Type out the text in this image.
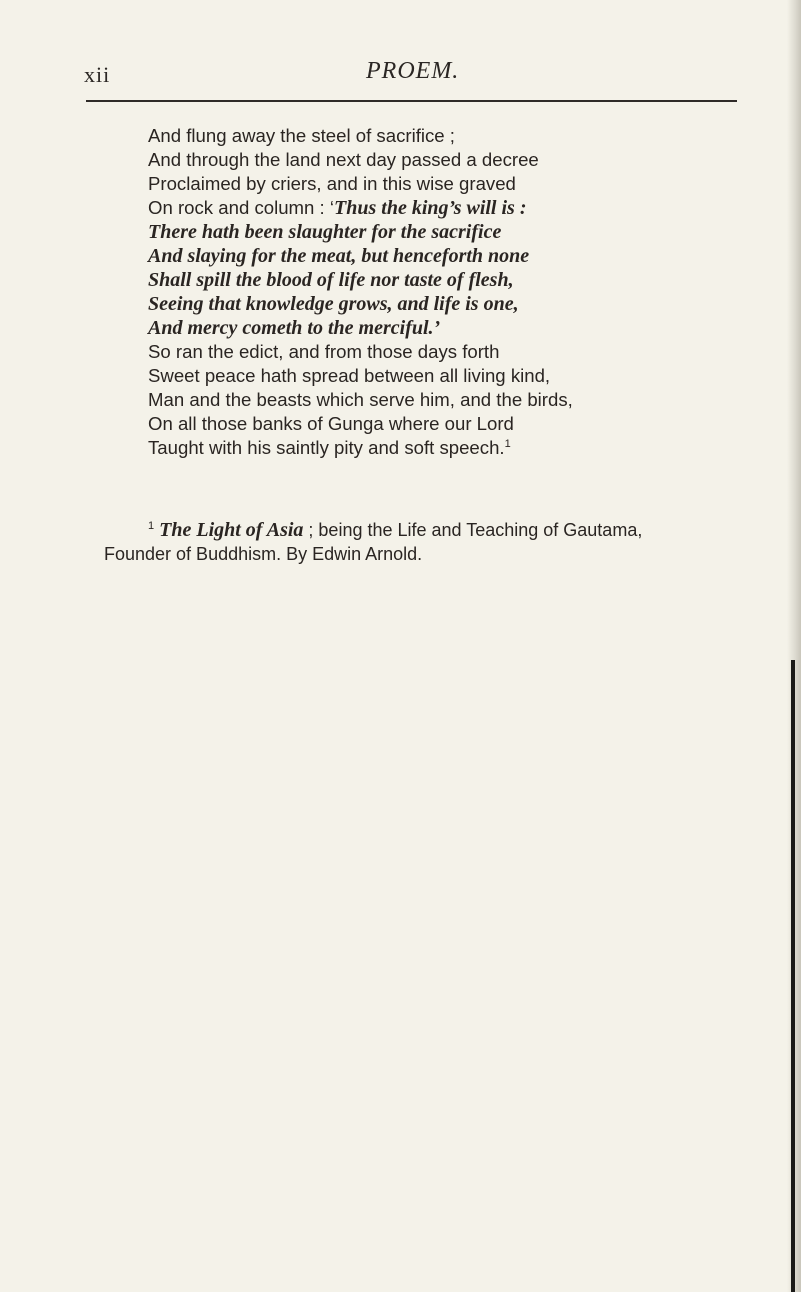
xii	PROEM.
And flung away the steel of sacrifice ;
And through the land next day passed a decree
Proclaimed by criers, and in this wise graved
On rock and column : ‘Thus the king’s will is :
There hath been slaughter for the sacrifice
And slaying for the meat, but henceforth none
Shall spill the blood of life nor taste of flesh,
Seeing that knowledge grows, and life is one,
And mercy cometh to the merciful.’
So ran the edict, and from those days forth
Sweet peace hath spread between all living kind,
Man and the beasts which serve him, and the birds,
On all those banks of Gunga where our Lord
Taught with his saintly pity and soft speech.$^1$
$^1$ The Light of Asia ; being the Life and Teaching of Gautama,
Founder of Buddhism. By Edwin Arnold.
